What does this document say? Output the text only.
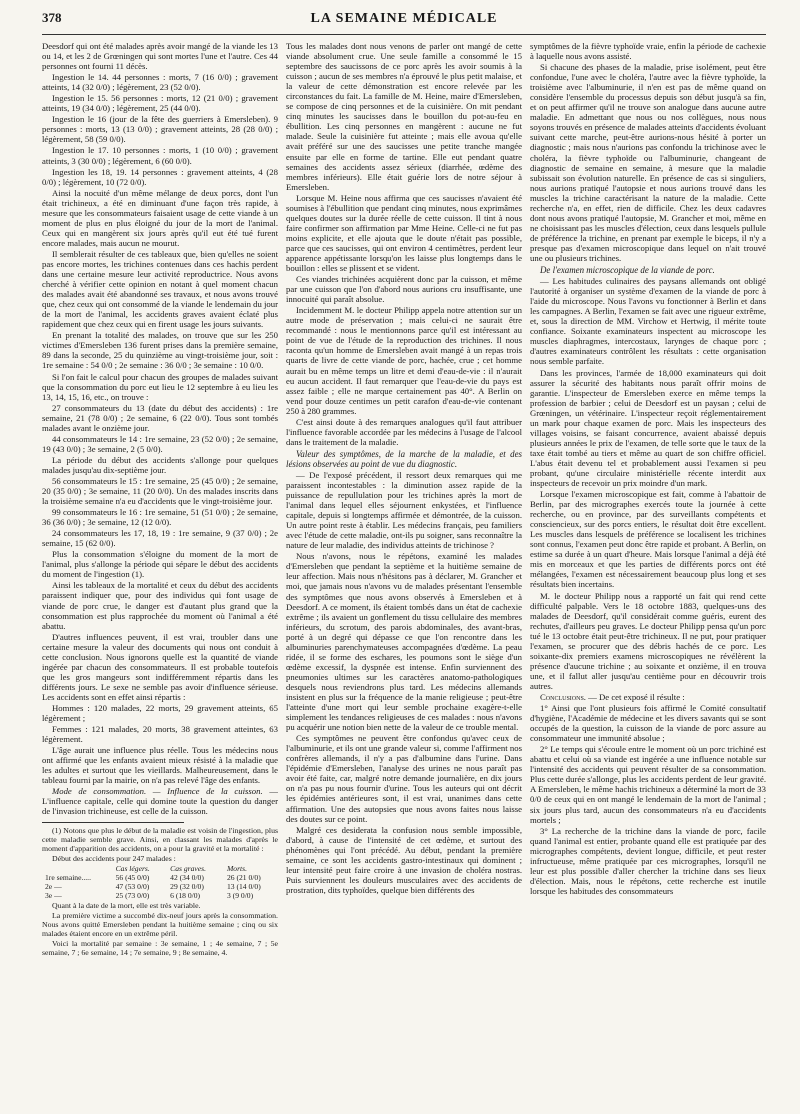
378	LA SEMAINE MÉDICALE

Deesdorf qui ont été malades après avoir mangé de la viande les 13 ou 14, et les 2 de Grœningen qui sont mortes l'une et l'autre. Ces 44 personnes ont fourni 11 décès.

Ingestion le 14. 44 personnes : morts, 7 (16 0/0) ; gravement atteints, 14 (32 0/0) ; légèrement, 23 (52 0/0).

Ingestion le 15. 56 personnes : morts, 12 (21 0/0) ; gravement atteints, 19 (34 0/0) ; légèrement, 25 (44 0/0).

Ingestion le 16 (jour de la fête des guerriers à Emersleben). 9 personnes : morts, 13 (13 0/0) ; gravement atteints, 28 (28 0/0) ; légèrement, 58 (59 0/0).

Ingestion le 17. 10 personnes : morts, 1 (10 0/0) ; gravement atteints, 3 (30 0/0) ; légèrement, 6 (60 0/0).

Ingestion les 18, 19. 14 personnes : gravement atteints, 4 (28 0/0) ; légèrement, 10 (72 0/0).

Ainsi la nocuité d'un même mélange de deux porcs, dont l'un était trichineux, a été en diminuant d'une façon très rapide, à mesure que les consommateurs faisaient usage de cette viande à un moment de plus en plus éloigné du jour de la mort de l'animal. Ceux qui en mangèrent six jours après qu'il eut été tué furent encore malades, mais aucun ne mourut.

Il semblerait résulter de ces tableaux que, bien qu'elles ne soient pas encore mortes, les trichines contenues dans ces hachis perdent dans une certaine mesure leur activité reproductrice. Nous avons cherché à vérifier cette opinion en notant à quel moment chacun des malades avait été abandonné ses travaux, et nous avons trouvé que, chez ceux qui ont consommé de la viande le lendemain du jour de la mort de l'animal, les accidents graves avaient éclaté plus rapidement que chez ceux qui en firent usage les jours suivants.

En prenant la totalité des malades, on trouve que sur les 250 victimes d'Emersleben 136 furent prises dans la première semaine, 89 dans la seconde, 25 du quinzième au vingt-troisième jour, soit : 1re semaine : 54 0/0 ; 2e semaine : 36 0/0 ; 3e semaine : 10 0/0.

Si l'on fait le calcul pour chacun des groupes de malades suivant que la consommation du porc eut lieu le 12 septembre à eu lieu les 13, 14, 15, 16, etc., on trouve :

27 consommateurs du 13 (date du début des accidents) : 1re semaine, 21 (78 0/0) ; 2e semaine, 6 (22 0/0). Tous sont tombés malades avant le onzième jour.

44 consommateurs le 14 : 1re semaine, 23 (52 0/0) ; 2e semaine, 19 (43 0/0) ; 3e semaine, 2 (5 0/0).

La période du début des accidents s'allonge pour quelques malades jusqu'au dix-septième jour.

56 consommateurs le 15 : 1re semaine, 25 (45 0/0) ; 2e semaine, 20 (35 0/0) ; 3e semaine, 11 (20 0/0). Un des malades inscrits dans la troisième semaine n'a eu d'accidents que le vingt-troisième jour.

99 consommateurs le 16 : 1re semaine, 51 (51 0/0) ; 2e semaine, 36 (36 0/0) ; 3e semaine, 12 (12 0/0).

24 consommateurs les 17, 18, 19 : 1re semaine, 9 (37 0/0) ; 2e semaine, 15 (62 0/0).

Plus la consommation s'éloigne du moment de la mort de l'animal, plus s'allonge la période qui sépare le début des accidents du moment de l'ingestion (1).

Ainsi les tableaux de la mortalité et ceux du début des accidents paraissent indiquer que, pour des individus qui font usage de viande de porc crue, le danger est d'autant plus grand que la consommation est plus rapprochée du moment où l'animal a été abattu.

D'autres influences peuvent, il est vrai, troubler dans une certaine mesure la valeur des documents qui nous ont conduit à cette conclusion. Nous ignorons quelle est la quantité de viande ingérée par chacun des consommateurs. Il est probable toutefois que les gros mangeurs sont indifféremment répartis dans les différents jours. Le sexe ne semble pas avoir d'influence sérieuse. Les accidents sont en effet ainsi répartis :

Hommes : 120 malades, 22 morts, 29 gravement atteints, 65 légèrement ;

Femmes : 121 malades, 20 morts, 38 gravement atteintes, 63 légèrement.

L'âge aurait une influence plus réelle. Tous les médecins nous ont affirmé que les enfants avaient mieux résisté à la maladie que les adultes et surtout que les vieillards. Malheureusement, dans le tableau fourni par la mairie, on n'a pas relevé l'âge des enfants.

Mode de consommation. — Influence de la cuisson. — L'influence capitale, celle qui domine toute la question du danger de l'invasion trichineuse, est celle de la cuisson.

(1) Notons que plus le début de la maladie est voisin de l'ingestion, plus cette maladie semble grave. Ainsi, en classant les malades d'après le moment d'apparition des accidents, on a pour la gravité et la mortalité :

Début des accidents pour 247 malades :

	Cas légers.	Cas graves.	Morts.
1re semaine.....	56 (45 0/0)	42 (34 0/0)	26 (21 0/0)
2e —	47 (53 0/0)	29 (32 0/0)	13 (14 0/0)
3e —	25 (73 0/0)	6 (18 0/0)	3 (9 0/0)

Quant à la date de la mort, elle est très variable.

La première victime a succombé dix-neuf jours après la consommation. Nous avons quitté Emersleben pendant la huitième semaine ; cinq ou six malades étaient encore en un extrême péril.

Voici la mortalité par semaine : 3e semaine, 1 ; 4e semaine, 7 ; 5e semaine, 7 ; 6e semaine, 14 ; 7e semaine, 9 ; 8e semaine, 4.

Tous les malades dont nous venons de parler ont mangé de cette viande absolument crue. Une seule famille a consommé le 15 septembre des saucissons de ce porc après les avoir soumis à la cuisson ; aucun de ses membres n'a éprouvé le plus petit malaise, et la valeur de cette démonstration est encore relevée par les circonstances du fait. La famille de M. Heine, maire d'Emersleben, se compose de cinq personnes et de la cuisinière. On mit pendant cinq minutes les saucisses dans le bouillon du pot-au-feu en ébullition. Les cinq personnes en mangèrent : aucune ne fut malade. Seule la cuisinière fut atteinte ; mais elle avoua qu'elle avait préféré sur une des saucisses une petite tranche mangée ensuite par elle en forme de tartine. Elle eut pendant quatre semaines des accidents assez sérieux (diarrhée, œdème des membres inférieurs). Elle était guérie lors de notre séjour à Emersleben.

Lorsque M. Heine nous affirma que ces saucisses n'avaient été soumises à l'ébullition que pendant cinq minutes, nous exprimâmes quelques doutes sur la durée réelle de cette cuisson. Il tint à nous faire confirmer son affirmation par Mme Heine. Celle-ci ne fut pas moins explicite, et elle ajouta que le doute n'était pas possible, parce que ces saucisses, qui ont environ 4 centimètres, perdent leur apparence appétissante lorsqu'on les laisse plus longtemps dans le bouillon : elles se plissent et se vident.

Ces viandes trichinées acquièrent donc par la cuisson, et même par une cuisson que l'on d'abord nous aurions cru insuffisante, une innocuité qui paraît absolue.

Incidemment M. le docteur Philipp appela notre attention sur un autre mode de préservation ; mais celui-ci ne saurait être recommandé : nous le mentionnons parce qu'il est intéressant au point de vue de l'étude de la reproduction des trichines. Il nous raconta qu'un homme de Emersleben avait mangé à un repas trois quarts de livre de cette viande de porc, hachée, crue ; cet homme aurait bu en même temps un litre et demi d'eau-de-vie : il n'aurait eu aucun accident. Il faut remarquer que l'eau-de-vie du pays est assez faible ; elle ne marque certainement pas 40°. A Berlin on vend pour douze centimes un petit carafon d'eau-de-vie contenant 250 à 280 grammes.

C'est ainsi doute à des remarques analogues qu'il faut attribuer l'influence favorable accordée par les médecins à l'usage de l'alcool dans le traitement de la maladie.

Valeur des symptômes, de la marche de la maladie, et des lésions observées au point de vue du diagnostic.

— De l'exposé précédent, il ressort deux remarques qui me paraissent incontestables : la diminution assez rapide de la puissance de repullulation pour les trichines après la mort de l'animal dans lequel elles séjournent enkystées, et l'influence capitale, depuis si longtemps affirmée et démontrée, de la cuisson. Un autre point reste à établir. Les médecins français, peu familiers avec l'étude de cette maladie, ont-ils pu soigner, sans reconnaître la nature de leur maladie, des individus atteints de trichinose ?

Nous n'avons, nous le répétons, examiné les malades d'Emersleben que pendant la septième et la huitième semaine de leur affection. Mais nous n'hésitons pas à déclarer, M. Grancher et moi, que jamais nous n'avons vu de malades présentant l'ensemble des symptômes que nous avons observés à Emersleben et à Deesdorf. A ce moment, ils étaient tombés dans un état de cachexie extrême ; ils avaient un gonflement du tissu cellulaire des membres inférieurs, du scrotum, des parois abdominales, des avant-bras, porté à un degré qui dépasse ce que l'on rencontre dans les albuminuries parenchymateuses accompagnées d'œdème. La peau ridée, il se forme des eschares, les poumons sont le siège d'un œdème excessif, la dyspnée est intense. Enfin surviennent des pneumonies ultimes sur les caractères anatomo-pathologiques desquels nous reviendrons plus tard. Les médecins allemands insistent en plus sur la fréquence de la manie religieuse ; peut-être l'atteinte d'une mort qui leur semble prochaine exagère-t-elle simplement les tendances religieuses de ces malades : nous n'avons pu acquérir une notion bien nette de la valeur de ce trouble mental.

Ces symptômes ne peuvent être confondus qu'avec ceux de l'albuminurie, et ils ont une grande valeur si, comme l'affirment nos confrères allemands, il n'y a pas d'albumine dans l'urine. Dans l'épidémie d'Emersleben, l'analyse des urines ne nous paraît pas avoir été faite, car, malgré notre demande journalière, en dix jours on n'a pas pu nous fournir d'urine. Tous les auteurs qui ont décrit les épidémies antérieures sont, il est vrai, unanimes dans cette affirmation. Une des autopsies que nous avons faites nous laisse des doutes sur ce point.

Malgré ces desiderata la confusion nous semble impossible, d'abord, à cause de l'intensité de cet œdème, et surtout des phénomènes qui l'ont précédé. Au début, pendant la première semaine, ce sont les accidents gastro-intestinaux qui dominent ; leur intensité peut faire croire à une invasion de choléra nostras. Puis surviennent les douleurs musculaires avec des accidents de prostration, dits typhoïdes, quelque bien différents des

symptômes de la fièvre typhoïde vraie, enfin la période de cachexie à laquelle nous avons assisté.

Si chacune des phases de la maladie, prise isolément, peut être confondue, l'une avec le choléra, l'autre avec la fièvre typhoïde, la troisième avec l'albuminurie, il n'en est pas de même quand on considère l'ensemble du processus depuis son début jusqu'à sa fin, et on peut affirmer qu'il ne trouve son analogue dans aucune autre maladie. En admettant que nous ou nos collègues, nous nous soyons trouvés en présence de malades atteints d'accidents évoluant suivant cette marche, peut-être aurions-nous hésité à porter un diagnostic ; mais nous n'aurions pas confondu la trichinose avec le choléra, la fièvre typhoïde ou l'albuminurie, changeant de diagnostic de semaine en semaine, à mesure que la maladie subissait son évolution naturelle. En présence de cas si singuliers, nous aurions pratiqué l'autopsie et nous aurions trouvé dans les muscles la trichine caractérisant la nature de la maladie. Cette recherche n'a, en effet, rien de difficile. Chez les deux cadavres dont nous avons pratiqué l'autopsie, M. Grancher et moi, même en ne choisissant pas les muscles d'élection, ceux dans lesquels pullule de préférence la trichine, en prenant par exemple le biceps, il n'y a presque pas d'examen microscopique dans lequel on n'ait trouvé une ou plusieurs trichines.

De l'examen microscopique de la viande de porc.

— Les habitudes culinaires des paysans allemands ont obligé l'autorité à organiser un système d'examen de la viande de porc à l'aide du microscope. Nous l'avons vu fonctionner à Berlin et dans les campagnes. A Berlin, l'examen se fait avec une rigueur extrême, et, sous la direction de MM. Virchow et Hertwig, il mérite toute confiance. Soixante examinateurs inspectent au microscope les muscles diaphragmes, intercostaux, larynges de chaque porc ; d'autres examinateurs contrôlent les résultats : cette organisation nous semble parfaite.

Dans les provinces, l'armée de 18,000 examinateurs qui doit assurer la sécurité des habitants nous paraît offrir moins de garantie. L'inspecteur de Emersleben exerce en même temps la profession de barbier ; celui de Deesdorf est un paysan ; celui de Grœningen, un vétérinaire. L'inspecteur reçoit réglementairement un mark pour chaque examen de porc. Mais les inspecteurs des villages voisins, se faisant concurrence, avaient abaissé depuis plusieurs années le prix de l'examen, de telle sorte que le taux de la taxe était tombé au tiers et même au quart de son chiffre officiel. L'abus était devenu tel et probablement aussi l'examen si peu probant, qu'une circulaire ministérielle récente interdit aux inspecteurs de recevoir un prix moindre d'un mark.

Lorsque l'examen microscopique est fait, comme à l'abattoir de Berlin, par des micrographes exercés toute la journée à cette recherche, ou en province, par des surveillants compétents et consciencieux, sur des porcs entiers, le résultat doit être excellent. Les muscles dans lesquels de préférence se localisent les trichines sont connus, l'examen peut donc être rapide et probant. A Berlin, on estime sa durée à un quart d'heure. Mais lorsque l'animal a déjà été mis en morceaux et que les parties de différents porcs ont été mélangées, l'examen est nécessairement beaucoup plus long et ses résultats bien incertains.

M. le docteur Philipp nous a rapporté un fait qui rend cette difficulté palpable. Vers le 18 octobre 1883, quelques-uns des malades de Deesdorf, qu'il considérait comme guéris, eurent des rechutes, d'ailleurs peu graves. Le docteur Philipp pensa qu'un porc tué le 13 octobre était peut-être trichineux. Il ne put, pour pratiquer l'examen, se procurer que des débris hachés de ce porc. Les soixante-dix premiers examens microscopiques ne révélèrent la présence d'aucune trichine ; au soixante et onzième, il en trouva une, et il fallut aller jusqu'au centième pour en découvrir trois autres.

Conclusions. — De cet exposé il résulte :

1° Ainsi que l'ont plusieurs fois affirmé le Comité consultatif d'hygiène, l'Académie de médecine et les divers savants qui se sont occupés de la question, la cuisson de la viande de porc assure au consommateur une immunité absolue ;

2° Le temps qui s'écoule entre le moment où un porc trichiné est abattu et celui où sa viande est ingérée a une influence notable sur l'intensité des accidents qui peuvent résulter de sa consommation. Plus cette durée s'allonge, plus les accidents perdent de leur gravité. A Emersleben, le même hachis trichineux a déterminé la mort de 33 0/0 de ceux qui en ont mangé le lendemain de la mort de l'animal ; six jours plus tard, aucun des consommateurs n'a eu d'accidents mortels ;

3° La recherche de la trichine dans la viande de porc, facile quand l'animal est entier, probante quand elle est pratiquée par des micrographes compétents, devient longue, difficile, et peut rester infructueuse, même pratiquée par ces micrographes, lorsqu'il ne leur est plus possible d'aller chercher la trichine dans ses lieux d'élection. Mais, nous le répétons, cette recherche est inutile lorsque les habitudes des consommateurs
